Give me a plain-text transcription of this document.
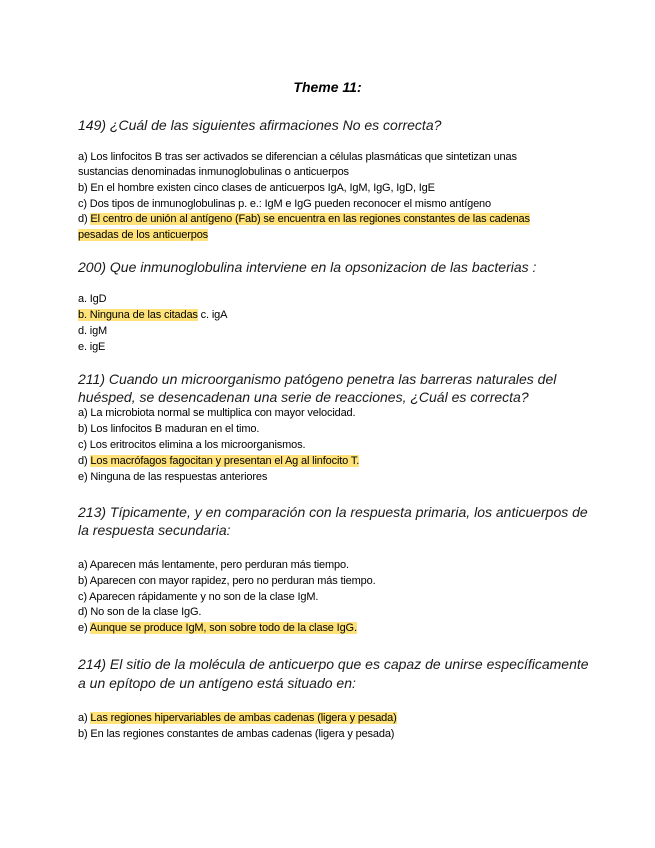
Theme 11:
149) ¿Cuál de las siguientes afirmaciones No es correcta?
a) Los linfocitos B tras ser activados se diferencian a células plasmáticas que sintetizan unas
sustancias denominadas inmunoglobulinas o anticuerpos
b) En el hombre existen cinco clases de anticuerpos IgA, IgM, IgG, IgD, IgE
c) Dos tipos de inmunoglobulinas p. e.: IgM e IgG pueden reconocer el mismo antígeno
d) El centro de unión al antígeno (Fab) se encuentra en las regiones constantes de las cadenas
pesadas de los anticuerpos
200) Que inmunoglobulina interviene en la opsonizacion de las bacterias :
a. IgD
b. Ninguna de las citadas c. igA
d. igM
e. igE
211) Cuando un microorganismo patógeno penetra las barreras naturales del
huésped, se desencadenan una serie de reacciones, ¿Cuál es correcta?
a) La microbiota normal se multiplica con mayor velocidad.
b) Los linfocitos B maduran en el timo.
c) Los eritrocitos elimina a los microorganismos.
d) Los macrófagos fagocitan y presentan el Ag al linfocito T.
e) Ninguna de las respuestas anteriores
213) Típicamente, y en comparación con la respuesta primaria, los anticuerpos de
la respuesta secundaria:
a) Aparecen más lentamente, pero perduran más tiempo.
b) Aparecen con mayor rapidez, pero no perduran más tiempo.
c) Aparecen rápidamente y no son de la clase IgM.
d) No son de la clase IgG.
e) Aunque se produce IgM, son sobre todo de la clase IgG.
214) El sitio de la molécula de anticuerpo que es capaz de unirse específicamente
a un epítopo de un antígeno está situado en:
a) Las regiones hipervariables de ambas cadenas (ligera y pesada)
b) En las regiones constantes de ambas cadenas (ligera y pesada)
